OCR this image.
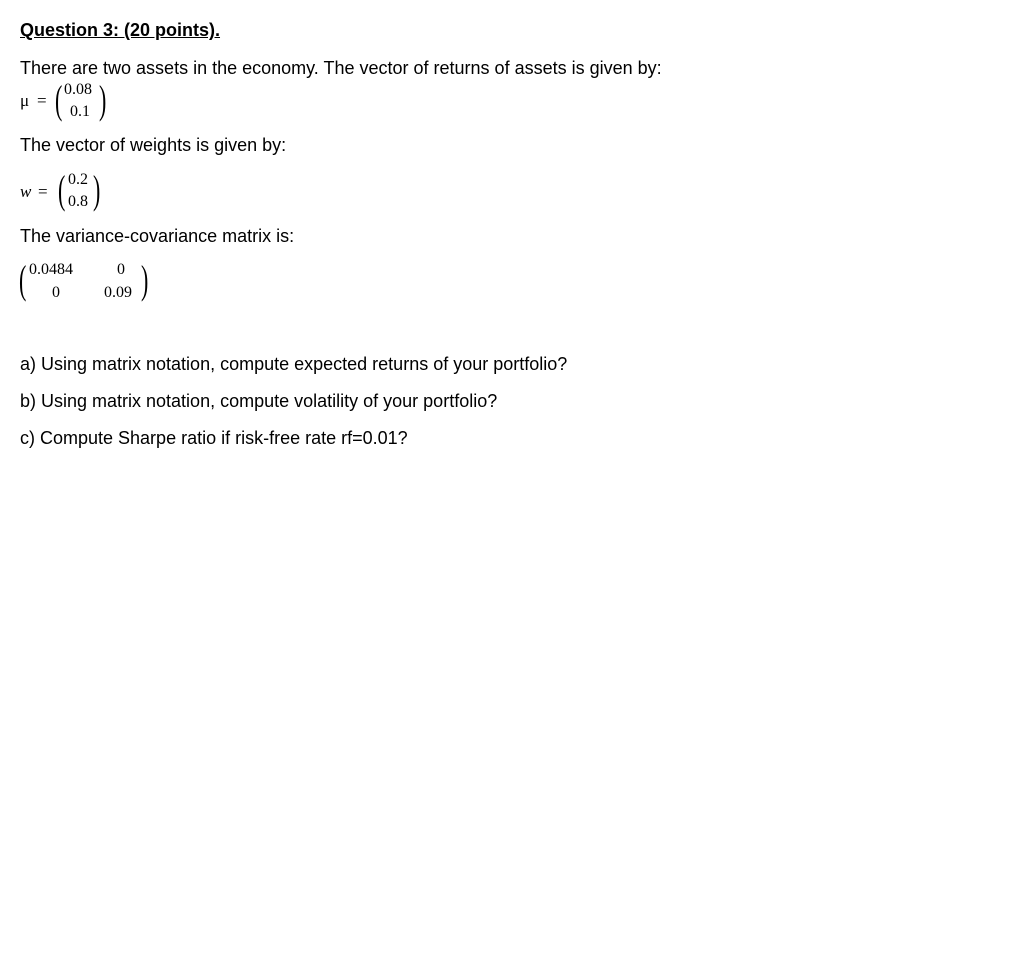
Question 3: (20 points).
There are two assets in the economy. The vector of returns of assets is given by:
μ = ( 0.08
0.1 )
The vector of weights is given by:
w = ( 0.2
0.8 )
The variance-covariance matrix is:
( 0.0484	0
0	0.09 )
a) Using matrix notation, compute expected returns of your portfolio?
b) Using matrix notation, compute volatility of your portfolio?
c) Compute Sharpe ratio if risk-free rate rf=0.01?
